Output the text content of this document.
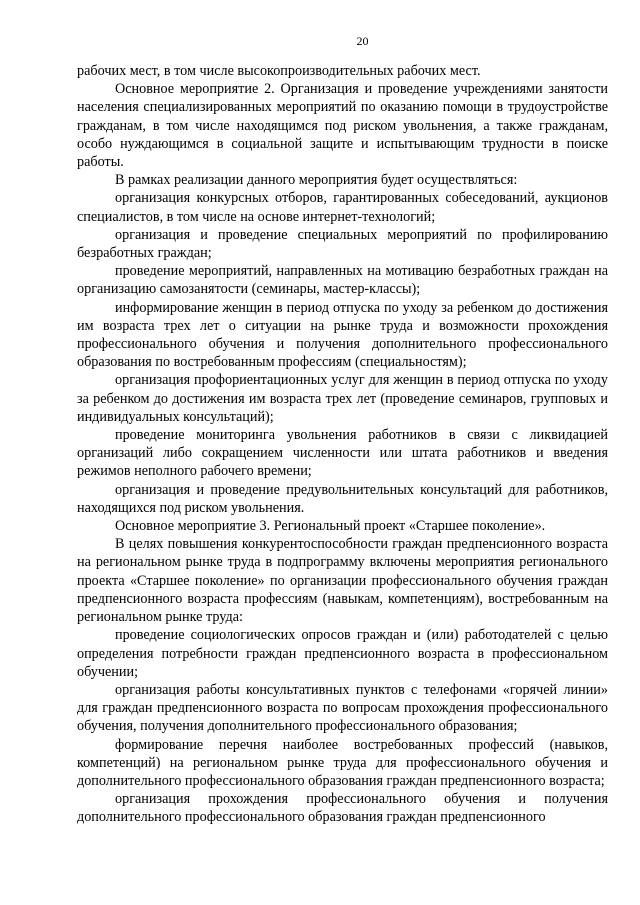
20

рабочих мест, в том числе высокопроизводительных рабочих мест.

Основное мероприятие 2. Организация и проведение учреждениями занятости населения специализированных мероприятий по оказанию помощи в трудоустройстве гражданам, в том числе находящимся под риском увольнения, а также гражданам, особо нуждающимся в социальной защите и испытывающим трудности в поиске работы.

В рамках реализации данного мероприятия будет осуществляться:

организация конкурсных отборов, гарантированных собеседований, аукционов специалистов, в том числе на основе интернет-технологий;

организация и проведение специальных мероприятий по профилированию безработных граждан;

проведение мероприятий, направленных на мотивацию безработных граждан на организацию самозанятости (семинары, мастер-классы);

информирование женщин в период отпуска по уходу за ребенком до достижения им возраста трех лет о ситуации на рынке труда и возможности прохождения профессионального обучения и получения дополнительного профессионального образования по востребованным профессиям (специальностям);

организация профориентационных услуг для женщин в период отпуска по уходу за ребенком до достижения им возраста трех лет (проведение семинаров, групповых и индивидуальных консультаций);

проведение мониторинга увольнения работников в связи с ликвидацией организаций либо сокращением численности или штата работников и введения режимов неполного рабочего времени;

организация и проведение предувольнительных консультаций для работников, находящихся под риском увольнения.

Основное мероприятие 3. Региональный проект «Старшее поколение».

В целях повышения конкурентоспособности граждан предпенсионного возраста на региональном рынке труда в подпрограмму включены мероприятия регионального проекта «Старшее поколение» по организации профессионального обучения граждан предпенсионного возраста профессиям (навыкам, компетенциям), востребованным на региональном рынке труда:

проведение социологических опросов граждан и (или) работодателей с целью определения потребности граждан предпенсионного возраста в профессиональном обучении;

организация работы консультативных пунктов с телефонами «горячей линии» для граждан предпенсионного возраста по вопросам прохождения профессионального обучения, получения дополнительного профессионального образования;

формирование перечня наиболее востребованных профессий (навыков, компетенций) на региональном рынке труда для профессионального обучения и дополнительного профессионального образования граждан предпенсионного возраста;

организация прохождения профессионального обучения и получения дополнительного профессионального образования граждан предпенсионного
